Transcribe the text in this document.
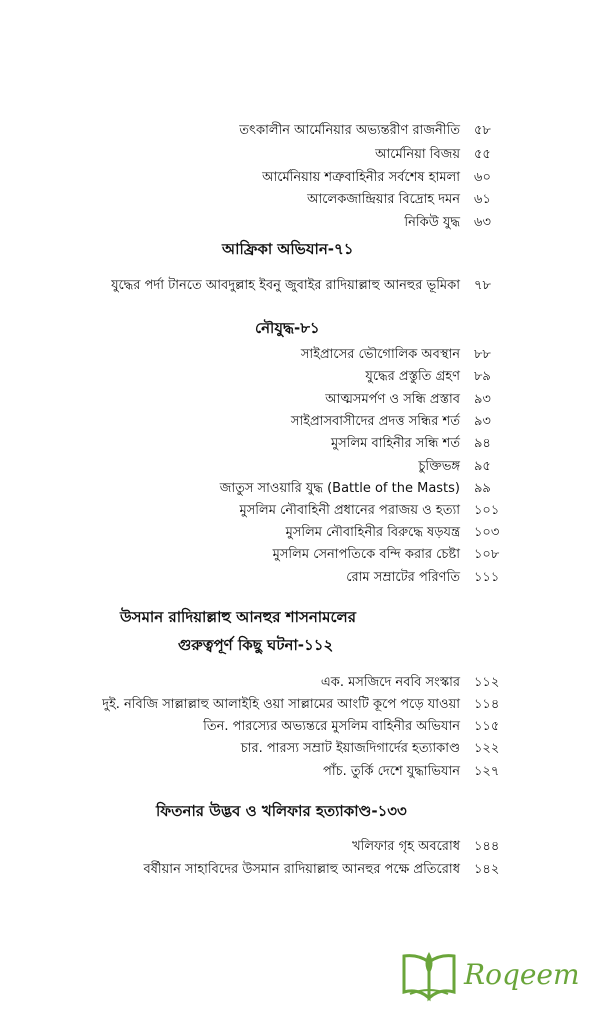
তৎকালীন আর্মেনিয়ার অভ্যন্তরীণ রাজনীতি	৫৮
আর্মেনিয়া বিজয়	৫৫
আর্মেনিয়ায় শত্রুবাহিনীর সর্বশেষ হামলা	৬০
আলেকজান্দ্রিয়ার বিদ্রোহ দমন	৬১
নিকিউ যুদ্ধ	৬৩
আফ্রিকা অভিযান-৭১
যুদ্ধের পর্দা টানতে আবদুল্লাহ ইবনু জুবাইর রাদিয়াল্লাহু আনহুর ভূমিকা	৭৮
নৌযুদ্ধ-৮১
সাইপ্রাসের ভৌগোলিক অবস্থান	৮৮
যুদ্ধের প্রস্তুতি গ্রহণ	৮৯
আত্মসমর্পণ ও সন্ধি প্রস্তাব	৯৩
সাইপ্রাসবাসীদের প্রদত্ত সন্ধির শর্ত	৯৩
মুসলিম বাহিনীর সন্ধি শর্ত	৯৪
চুক্তিভঙ্গ	৯৫
জাতুস সাওয়ারি যুদ্ধ (Battle of the Masts)	৯৯
মুসলিম নৌবাহিনী প্রধানের পরাজয় ও হত্যা	১০১
মুসলিম নৌবাহিনীর বিরুদ্ধে ষড়যন্ত্র	১০৩
মুসলিম সেনাপতিকে বন্দি করার চেষ্টা	১০৮
রোম সম্রাটের পরিণতি	১১১
উসমান রাদিয়াল্লাহু আনহুর শাসনামলের
গুরুত্বপূর্ণ কিছু ঘটনা-১১২
এক. মসজিদে নববি সংস্কার	১১২
দুই. নবিজি সাল্লাল্লাহু আলাইহি ওয়া সাল্লামের আংটি কূপে পড়ে যাওয়া	১১৪
তিন. পারস্যের অভ্যন্তরে মুসলিম বাহিনীর অভিযান	১১৫
চার. পারস্য সম্রাট ইয়াজদিগার্দের হত্যাকাণ্ড	১২২
পাঁচ. তুর্কি দেশে যুদ্ধাভিযান	১২৭
ফিতনার উদ্ভব ও খলিফার হত্যাকাণ্ড-১৩৩
খলিফার গৃহ অবরোধ	১৪৪
বর্ষীয়ান সাহাবিদের উসমান রাদিয়াল্লাহু আনহুর পক্ষে প্রতিরোধ	১৪২
Roqeem
